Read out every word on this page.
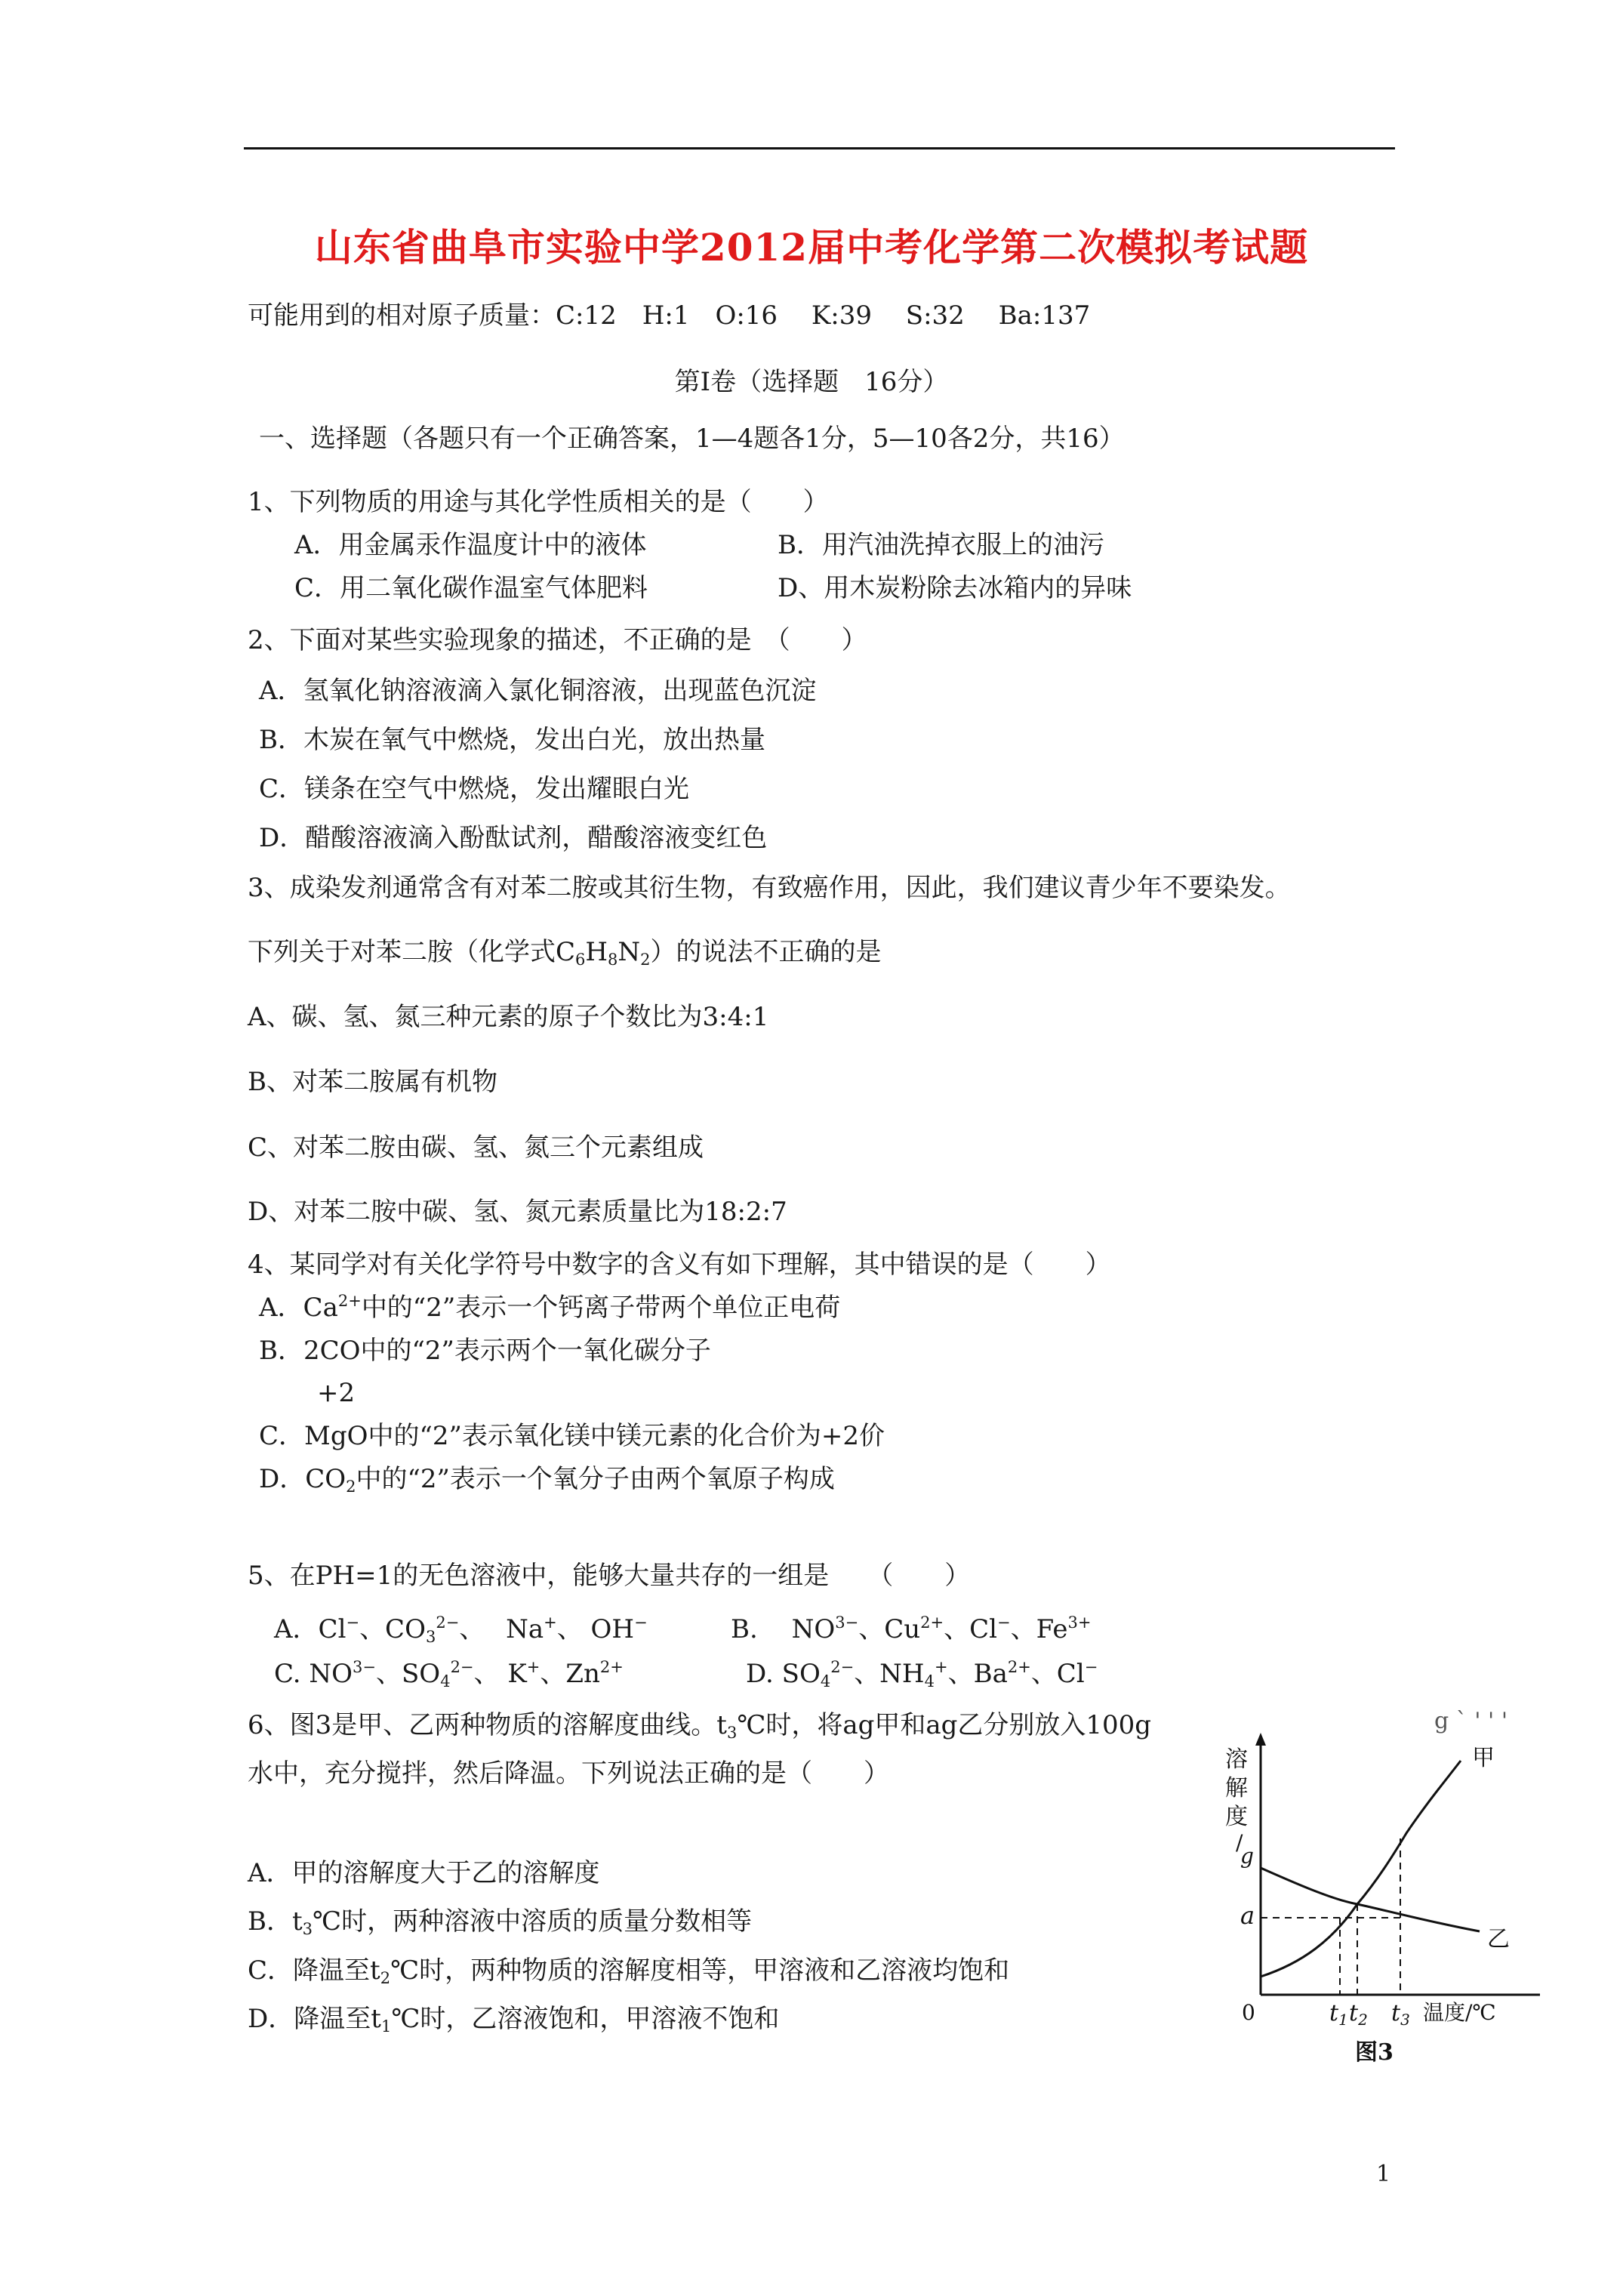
山东省曲阜市实验中学2012届中考化学第二次模拟考试题
可能用到的相对原子质量：C:12　H:1　O:16　 K:39　 S:32　 Ba:137
第Ⅰ卷（选择题　16分）
一、选择题（各题只有一个正确答案，1—4题各1分，5—10各2分，共16）
1、下列物质的用途与其化学性质相关的是（　　）
A．用金属汞作温度计中的液体	B．用汽油洗掉衣服上的油污
C．用二氧化碳作温室气体肥料	D、用木炭粉除去冰箱内的异味
2、下面对某些实验现象的描述，不正确的是　（　　）
A．氢氧化钠溶液滴入氯化铜溶液，出现蓝色沉淀
B．木炭在氧气中燃烧，发出白光，放出热量
C．镁条在空气中燃烧，发出耀眼白光
D．醋酸溶液滴入酚酞试剂，醋酸溶液变红色
3、成染发剂通常含有对苯二胺或其衍生物，有致癌作用，因此，我们建议青少年不要染发。
下列关于对苯二胺（化学式$C_6H_8N_2$）的说法不正确的是
A、碳、氢、氮三种元素的原子个数比为3:4:1
B、对苯二胺属有机物
C、对苯二胺由碳、氢、氮三个元素组成
D、对苯二胺中碳、氢、氮元素质量比为18:2:7
4、某同学对有关化学符号中数字的含义有如下理解，其中错误的是（　　）
A．$Ca^{2+}$中的“2”表示一个钙离子带两个单位正电荷
B．2CO中的“2”表示两个一氧化碳分子
+2
C．MgO中的“2”表示氧化镁中镁元素的化合价为+2价
D．$CO_2$中的“2”表示一个氧分子由两个氧原子构成
5、在PH=1的无色溶液中，能够大量共存的一组是　　（　　）
A．Cl−、$CO_3^{2-}$、　 Na+、 OH−	B.　 $NO^{3-}$、$Cu^{2+}$、Cl−、$Fe^{3+}$
C. $NO^{3-}$、$SO_4^{2-}$、 K+、$Zn^{2+}$	D. $SO_4^{2-}$、$NH_4^+$、$Ba^{2+}$、Cl−
6、图3是甲、乙两种物质的溶解度曲线。$t_3℃$时，将ag甲和ag乙分别放入100g	g ` ' ' '
水中，充分搅拌，然后降温。下列说法正确的是（　　）
A．甲的溶解度大于乙的溶解度
B．$t_3℃$时，两种溶液中溶质的质量分数相等
C．降温至$t_2℃$时，两种物质的溶解度相等，甲溶液和乙溶液均饱和
D．降温至$t_1℃$时，乙溶液饱和，甲溶液不饱和
溶
解
度
/
g
0
a
甲
乙
$t_1$ $t_2$ $t_3$ 温度/℃
图3
1
